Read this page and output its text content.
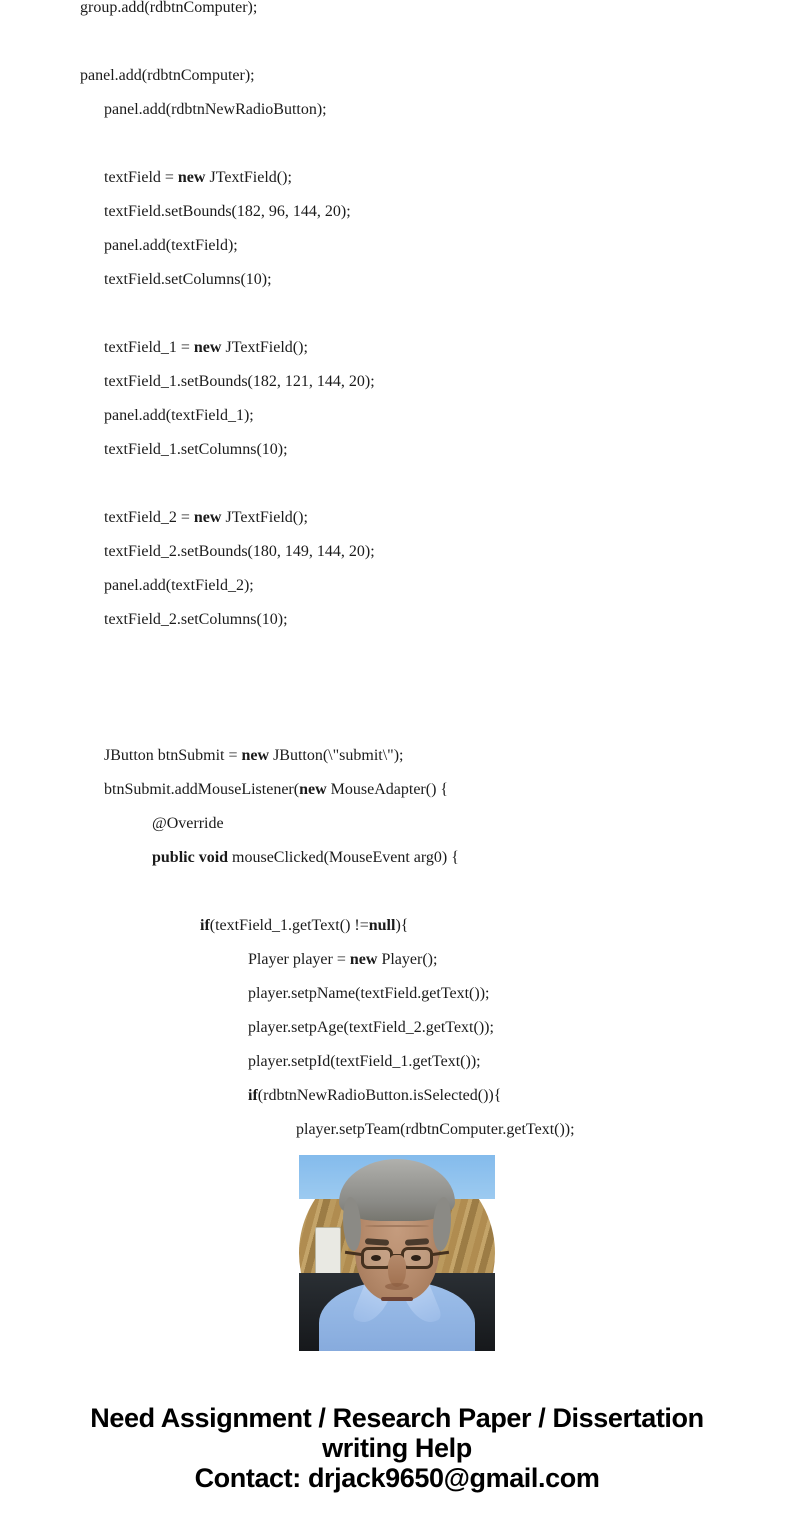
group.add(rdbtnComputer);
panel.add(rdbtnComputer);
panel.add(rdbtnNewRadioButton);
textField = new JTextField();
textField.setBounds(182, 96, 144, 20);
panel.add(textField);
textField.setColumns(10);
textField_1 = new JTextField();
textField_1.setBounds(182, 121, 144, 20);
panel.add(textField_1);
textField_1.setColumns(10);
textField_2 = new JTextField();
textField_2.setBounds(180, 149, 144, 20);
panel.add(textField_2);
textField_2.setColumns(10);
JButton btnSubmit = new JButton(\"submit\");
btnSubmit.addMouseListener(new MouseAdapter() {
@Override
public void mouseClicked(MouseEvent arg0) {
if(textField_1.getText() !=null){
Player player = new Player();
player.setpName(textField.getText());
player.setpAge(textField_2.getText());
player.setpId(textField_1.getText());
if(rdbtnNewRadioButton.isSelected()){
player.setpTeam(rdbtnComputer.getText());
Need Assignment / Research Paper / Dissertation
writing Help
Contact: drjack9650@gmail.com
